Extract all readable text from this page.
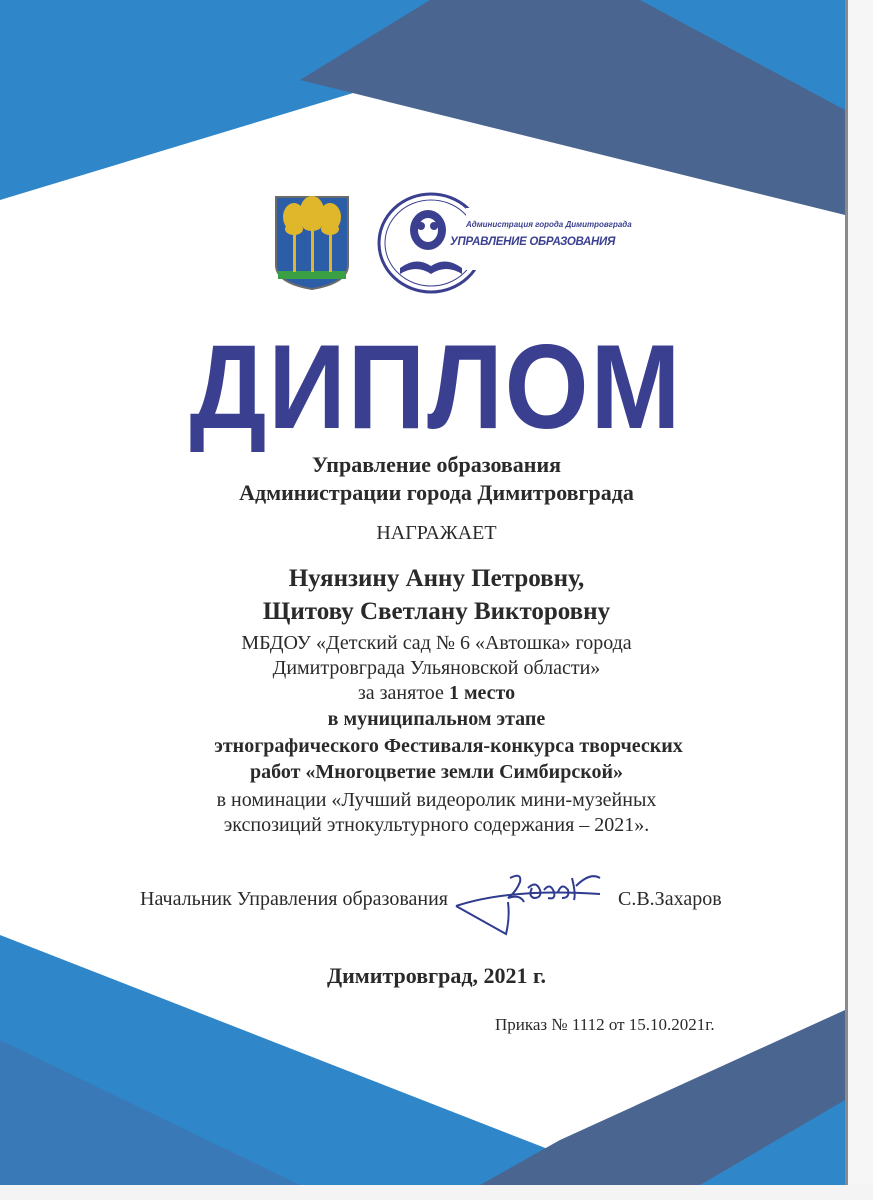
Администрация города Димитровграда
УПРАВЛЕНИЕ ОБРАЗОВАНИЯ
ДИПЛОМ
Управление образования
Администрации города Димитровграда
НАГРАЖАЕТ
Нуянзину Анну Петровну,
Щитову Светлану Викторовну
МБДОУ «Детский сад № 6 «Автошка» города
Димитровграда Ульяновской области»
за занятое 1 место
в муниципальном этапе
этнографического Фестиваля-конкурса творческих
работ «Многоцветие земли Симбирской»
в номинации «Лучший видеоролик мини-музейных
экспозиций этнокультурного содержания – 2021».
Начальник Управления образования	С.В.Захаров
Димитровград, 2021 г.
Приказ № 1112 от 15.10.2021г.
